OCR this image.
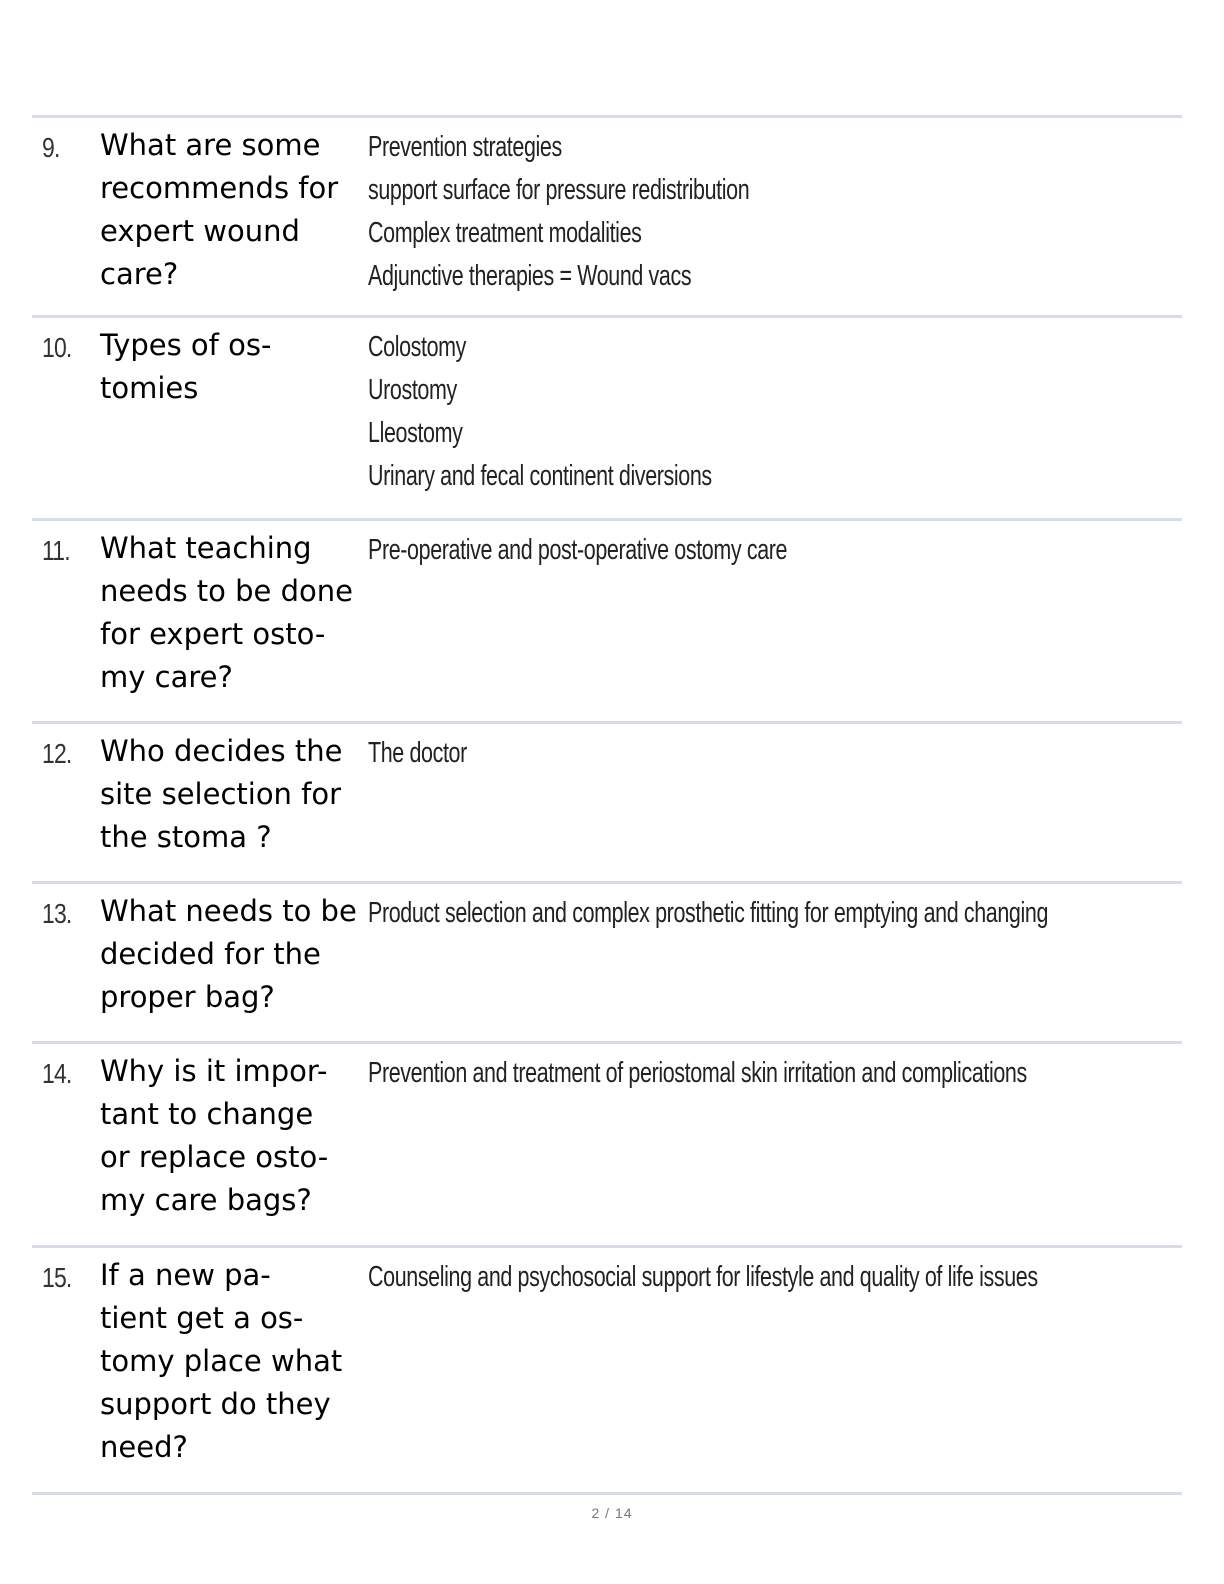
9. What are some
recommends for
expert wound
care?
Prevention strategies
support surface for pressure redistribution
Complex treatment modalities
Adjunctive therapies = Wound vacs
10. Types of os-
tomies
Colostomy
Urostomy
Lleostomy
Urinary and fecal continent diversions
11. What teaching
needs to be done
for expert osto-
my care?
Pre-operative and post-operative ostomy care
12. Who decides the
site selection for
the stoma ?
The doctor
13. What needs to be
decided for the
proper bag?
Product selection and complex prosthetic fitting for emptying and changing
14. Why is it impor-
tant to change
or replace osto-
my care bags?
Prevention and treatment of periostomal skin irritation and complications
15. If a new pa-
tient get a os-
tomy place what
support do they
need?
Counseling and psychosocial support for lifestyle and quality of life issues
2 / 14
